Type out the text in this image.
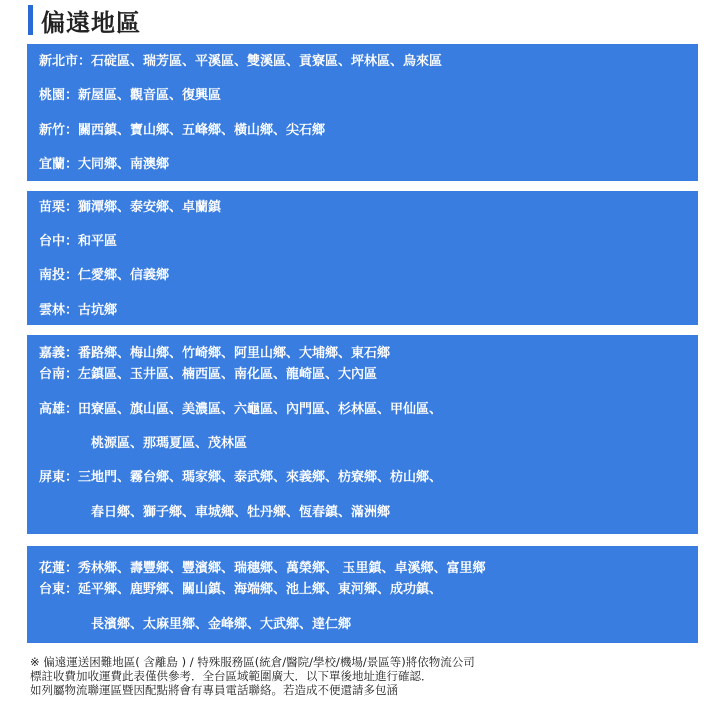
偏遠地區
新北市：石碇區、瑞芳區、平溪區、雙溪區、貢寮區、坪林區、烏來區
桃園：新屋區、觀音區、復興區
新竹：關西鎮、寶山鄉、五峰鄉、橫山鄉、尖石鄉
宜蘭：大同鄉、南澳鄉
苗栗：獅潭鄉、泰安鄉、卓蘭鎮
台中：和平區
南投：仁愛鄉、信義鄉
雲林：古坑鄉
嘉義：番路鄉、梅山鄉、竹崎鄉、阿里山鄉、大埔鄉、東石鄉
台南：左鎮區、玉井區、楠西區、南化區、龍崎區、大內區
高雄：田寮區、旗山區、美濃區、六龜區、內門區、杉林區、甲仙區、
桃源區、那瑪夏區、茂林區
屏東：三地門、霧台鄉、瑪家鄉、泰武鄉、來義鄉、枋寮鄉、枋山鄉、
春日鄉、獅子鄉、車城鄉、牡丹鄉、恆春鎮、滿洲鄉
花蓮：秀林鄉、壽豐鄉、豐濱鄉、瑞穗鄉、萬榮鄉、 玉里鎮、卓溪鄉、富里鄉
台東：延平鄉、鹿野鄉、關山鎮、海端鄉、池上鄉、東河鄉、成功鎮、
長濱鄉、太麻里鄉、金峰鄉、大武鄉、達仁鄉
※ 偏遠運送困難地區( 含離島 ) / 特殊服務區(統倉/醫院/學校/機場/景區等)將依物流公司
標註收費加收運費此表僅供參考．全台區域範圍廣大．以下單後地址進行確認．
如列屬物流聯運區暨因配點將會有專員電話聯絡。若造成不便還請多包涵
